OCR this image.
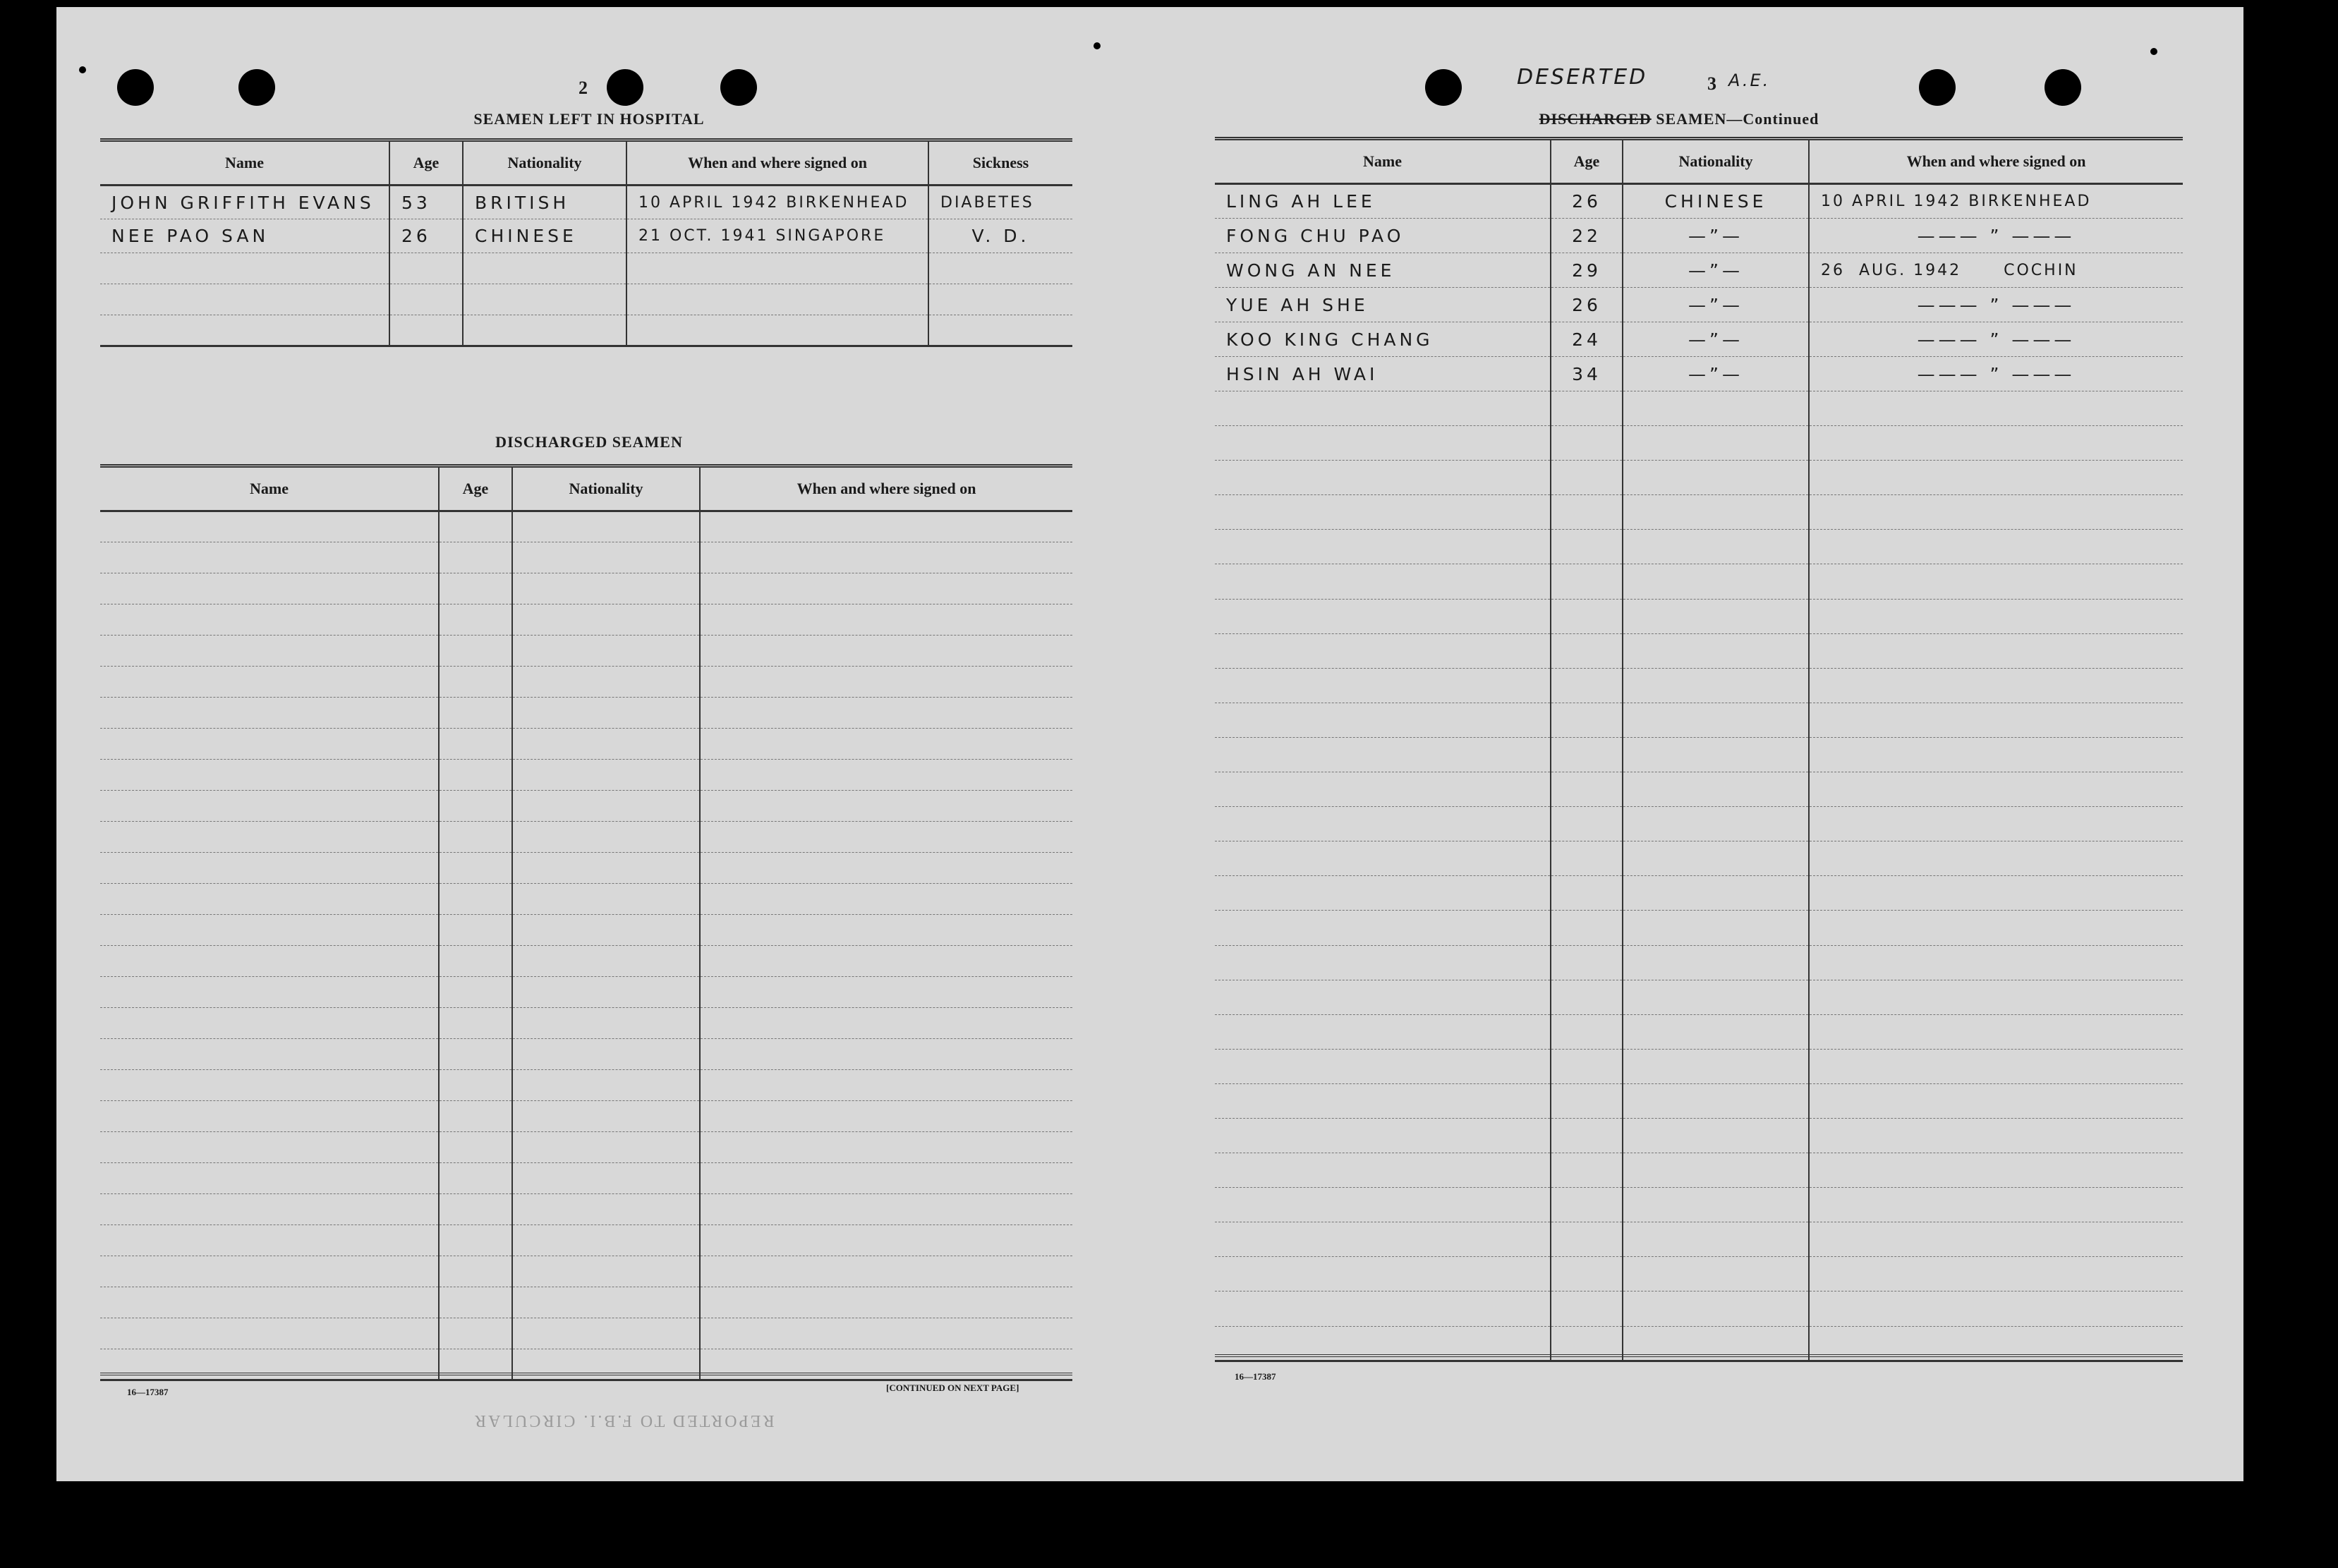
2
SEAMEN LEFT IN HOSPITAL
Name	Age	Nationality	When and where signed on	Sickness
JOHN GRIFFITH EVANS	53	BRITISH	10 APRIL 1942 BIRKENHEAD	DIABETES
NEE PAO SAN	26	CHINESE	21 OCT. 1941 SINGAPORE	V. D.

DISCHARGED SEAMEN
Name	Age	Nationality	When and where signed on

16—17387	[CONTINUED ON NEXT PAGE]
REPORTED TO F.B.I. CIRCULAR
DESERTED	3 A.E.
DISCHARGED SEAMEN—Continued
Name	Age	Nationality	When and where signed on
LING AH LEE	26	CHINESE	10 APRIL 1942 BIRKENHEAD
FONG CHU PAO	22	—”—	——— ” ———
WONG AN NEE	29	—”—	26  AUG. 1942      COCHIN
YUE AH SHE	26	—”—	——— ” ———
KOO KING CHANG	24	—”—	——— ” ———
HSIN AH WAI	34	—”—	——— ” ———

16—17387
